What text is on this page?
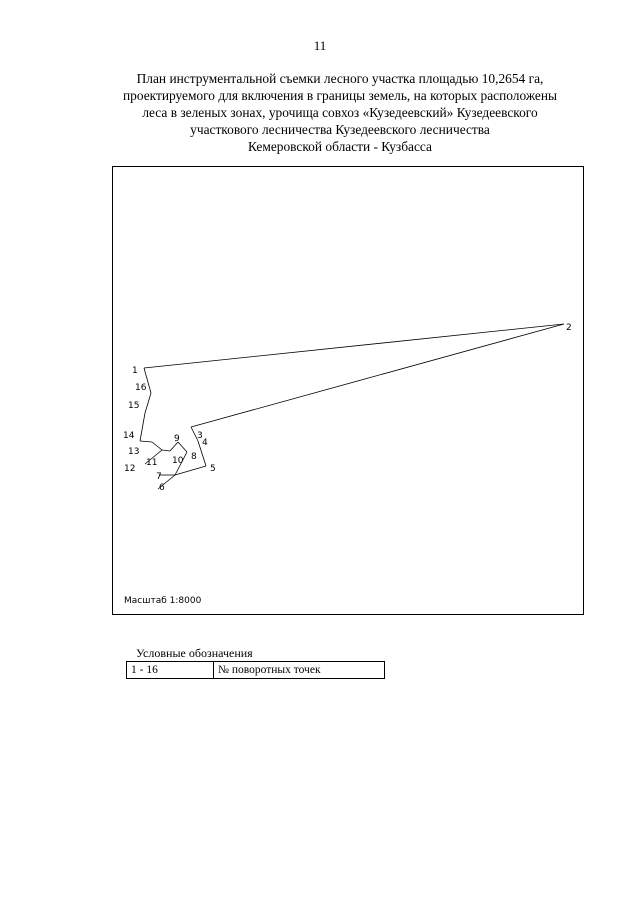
11
План инструментальной съемки лесного участка площадью 10,2654 га,
проектируемого для включения в границы земель, на которых расположены
леса в зеленых зонах, урочища совхоз «Кузедеевский» Кузедеевского
участкового лесничества Кузедеевского лесничества
Кемеровской области - Кузбасса
1
2
3
4
5
6
7
8
9
10
11
12
13
14
15
16
Масштаб 1:8000
Условные обозначения
1 - 16	№ поворотных точек
